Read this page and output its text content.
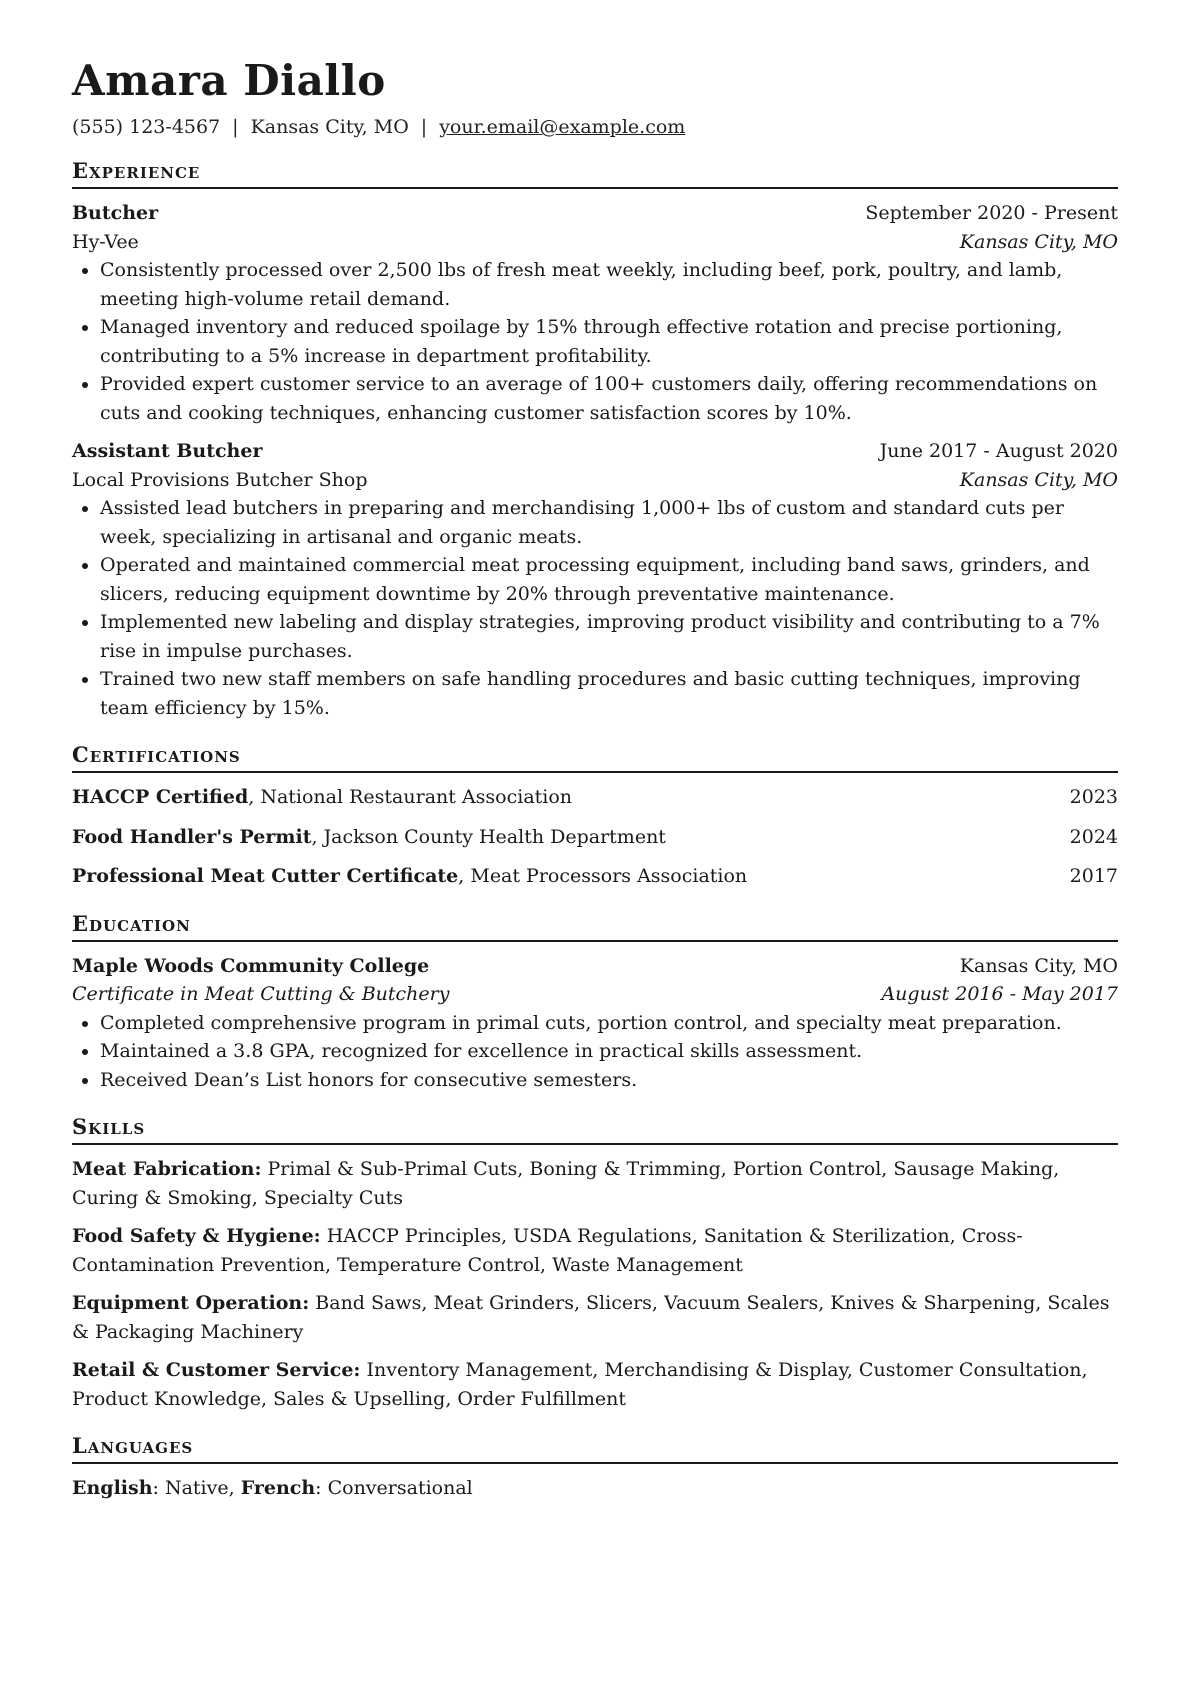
Amara Diallo
(555) 123-4567 | Kansas City, MO | your.email@example.com
Experience
Butcher	September 2020 - Present
Hy-Vee	Kansas City, MO
• Consistently processed over 2,500 lbs of fresh meat weekly, including beef, pork, poultry, and lamb, meeting high-volume retail demand.
• Managed inventory and reduced spoilage by 15% through effective rotation and precise portioning, contributing to a 5% increase in department profitability.
• Provided expert customer service to an average of 100+ customers daily, offering recommendations on cuts and cooking techniques, enhancing customer satisfaction scores by 10%.
Assistant Butcher	June 2017 - August 2020
Local Provisions Butcher Shop	Kansas City, MO
• Assisted lead butchers in preparing and merchandising 1,000+ lbs of custom and standard cuts per week, specializing in artisanal and organic meats.
• Operated and maintained commercial meat processing equipment, including band saws, grinders, and slicers, reducing equipment downtime by 20% through preventative maintenance.
• Implemented new labeling and display strategies, improving product visibility and contributing to a 7% rise in impulse purchases.
• Trained two new staff members on safe handling procedures and basic cutting techniques, improving team efficiency by 15%.
Certifications
HACCP Certified, National Restaurant Association	2023
Food Handler's Permit, Jackson County Health Department	2024
Professional Meat Cutter Certificate, Meat Processors Association	2017
Education
Maple Woods Community College	Kansas City, MO
Certificate in Meat Cutting & Butchery	August 2016 - May 2017
• Completed comprehensive program in primal cuts, portion control, and specialty meat preparation.
• Maintained a 3.8 GPA, recognized for excellence in practical skills assessment.
• Received Dean’s List honors for consecutive semesters.
Skills
Meat Fabrication: Primal & Sub-Primal Cuts, Boning & Trimming, Portion Control, Sausage Making, Curing & Smoking, Specialty Cuts
Food Safety & Hygiene: HACCP Principles, USDA Regulations, Sanitation & Sterilization, Cross-Contamination Prevention, Temperature Control, Waste Management
Equipment Operation: Band Saws, Meat Grinders, Slicers, Vacuum Sealers, Knives & Sharpening, Scales & Packaging Machinery
Retail & Customer Service: Inventory Management, Merchandising & Display, Customer Consultation, Product Knowledge, Sales & Upselling, Order Fulfillment
Languages
English: Native, French: Conversational
